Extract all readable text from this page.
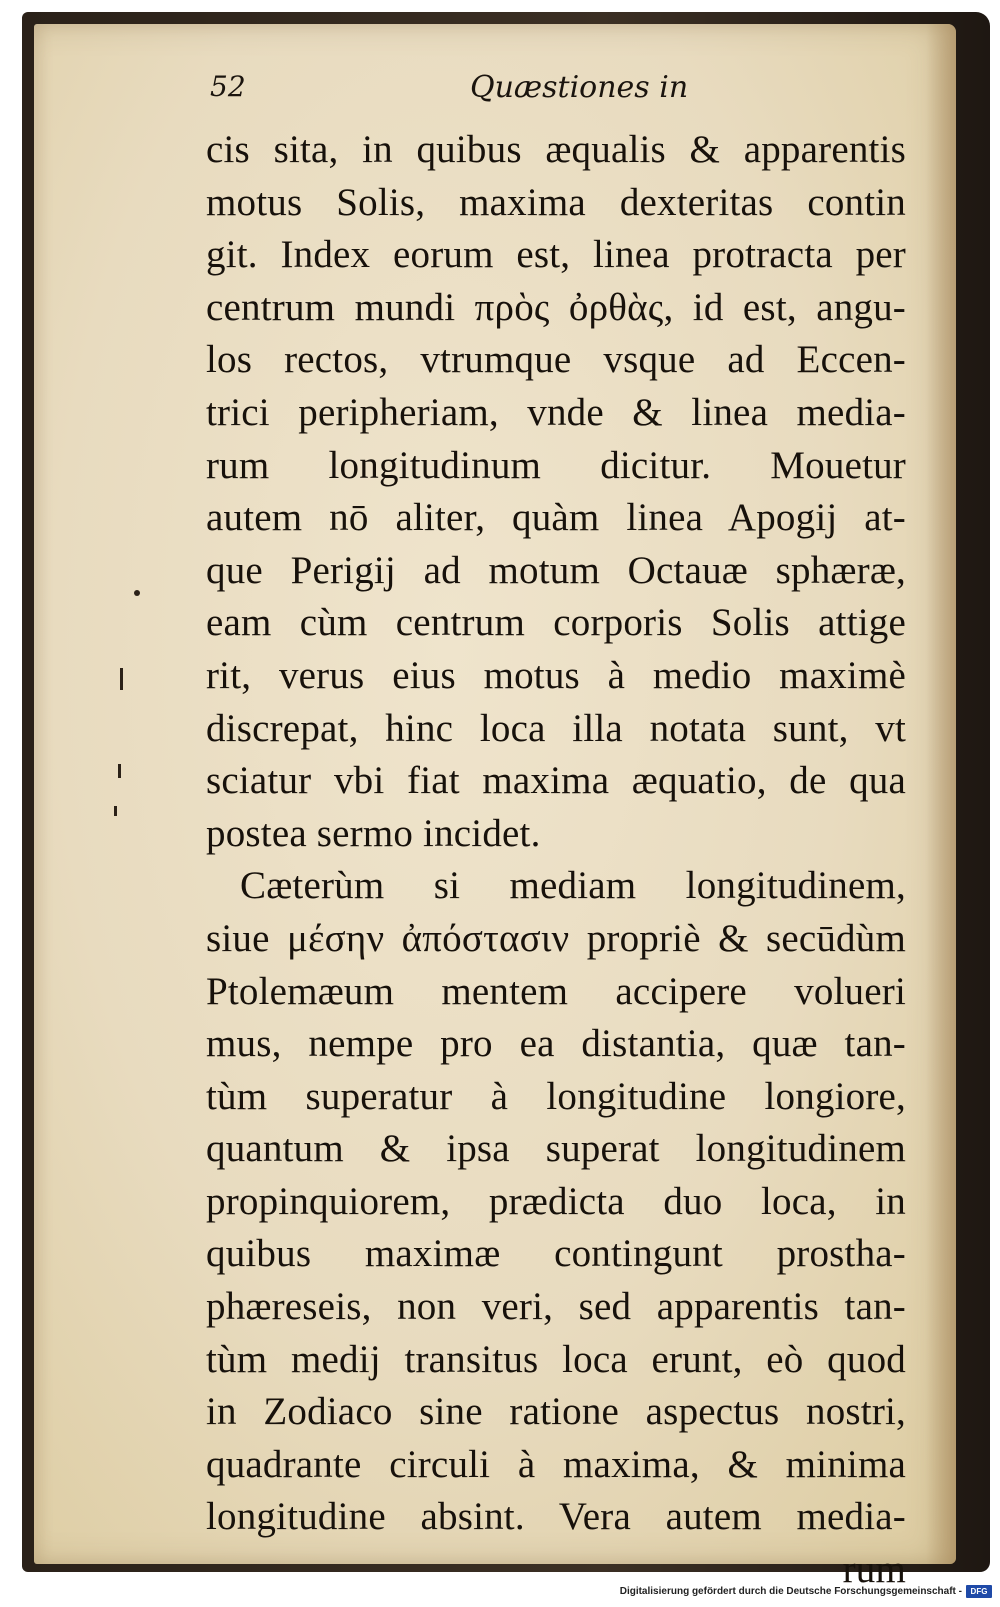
52	Quæstiones in
cis sita, in quibus æqualis & apparentis
motus Solis, maxima dexteritas contin
git. Index eorum est, linea protracta per
centrum mundi πρὸς ὀρθὰς, id est, angu-
los rectos, vtrumque vsque ad Eccen-
trici peripheriam, vnde & linea media-
rum longitudinum dicitur. Mouetur
autem nō aliter, quàm linea Apogij at-
que Perigij ad motum Octauæ sphæræ,
eam cùm centrum corporis Solis attige
rit, verus eius motus à medio maximè
discrepat, hinc loca illa notata sunt, vt
sciatur vbi fiat maxima æquatio, de qua
postea sermo incidet.
Cæterùm si mediam longitudinem,
siue μέσην ἀπόστασιν propriè & secūdùm
Ptolemæum mentem accipere volueri
mus, nempe pro ea distantia, quæ tan-
tùm superatur à longitudine longiore,
quantum & ipsa superat longitudinem
propinquiorem, prædicta duo loca, in
quibus maximæ contingunt prostha-
phæreseis, non veri, sed apparentis tan-
tùm medij transitus loca erunt, eò quod
in Zodiaco sine ratione aspectus nostri,
quadrante circuli à maxima, & minima
longitudine absint. Vera autem media-
rum
Digitalisierung gefördert durch die Deutsche Forschungsgemeinschaft -	DFG
